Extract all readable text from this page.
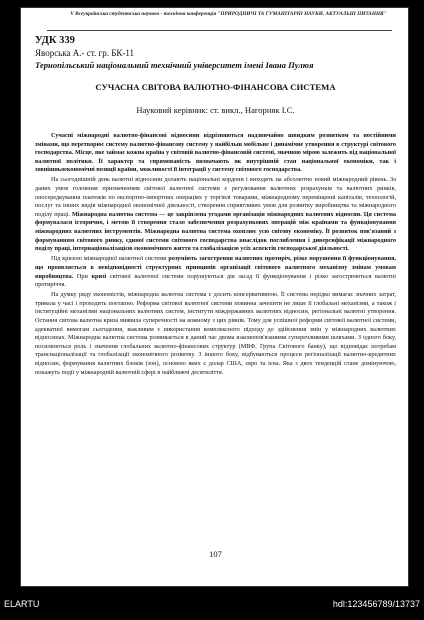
V Всеукраїнська студентська науково - технічна конференція "ПРИРОДНИЧІ ТА ГУМАНІТАРНІ НАУКИ. АКТУАЛЬНІ ПИТАННЯ"

УДК 339

Яворська А.- ст. гр. БК-11

Тернопільський національний технічний університет імені Івана Пулюя

СУЧАСНА СВІТОВА ВАЛЮТНО-ФІНАНСОВА СИСТЕМА

Науковий керівник: ст. викл., Нагорняк І.С.

Сучасні міжнародні валютно-фінансові відносини відрізняються надзвичайно швидким розвитком та постійними змінами, що перетворює систему валютно-фінансову систему у найбільш мобільне і динамічне утворення в структурі світового господарства. Місце, яке займає кожна країна у світовій валютно-фінансовій системі, значною мірою залежить від національної валютної політики. Її характер та спрямованість визначають як внутрішній стан національної економіки, так і зовнішньоекономічні позиції країни, можливості її інтеграції у систему світового господарства.

На сьогоднішній день валютні відносини долають національні кордони і виходять на абсолютно новий міжнародний рівень. За даних умов головним призначенням світової валютної системи є регулювання валютних розрахунків та валютних ринків, опосередкування платежів по експортно-імпортних операціях у торгівлі товарами, міжнародному переміщенні капіталів, технологій, послуг та інших видів міжнародної економічної діяльності, створення сприятливих умов для розвитку виробництва та міжнародного поділу праці. Міжнародна валютна система — це закріплена угодами організація міжнародних валютних відносин. Ця система формувалася історично, і метою її створення стало забезпечення розрахункових операцій між країнами та функціонування міжнародних валютних інструментів. Міжнародна валютна система охоплює усю світову економіку. Її розвиток пов'язаний з формуванням світового ринку, єдиної системи світового господарства внаслідок поглиблення і диверсифікації міжнародного поділу праці, інтернаціоналізацією економічного життя та глобалізацією усіх аспектів господарської діяльності.

Під кризою міжнародної валютної системи розуміють загострення валютних протиріч, різке порушення її функціонування, що проявляється в невідповідності структурних принципів організації світового валютного механізму змінам умовам виробництва. При кризі світової валютної системи порушуються дія засад її функціонування і різко загострюються валютні протиріччя.

На думку ряду економістів, міжнародна валютна система є досить консервативною. Її система нерідко вимагає значних затрат, тривала у часі і проходить поетапно. Реформа світової валютної системи повинна зачепити не лише її глобальні механізми, а також і інституційні механізми національних валютних систем, інститути міждержавних валютних відносин, регіональні валютні утворення. Остання світова валютна криза виявила суперечності на кожному з цих рівнів. Тому для успішної реформи світової валютної системи, адекватної вимогам сьогодення, важливим є використання комплексного підходу до здійснення змін у міжнародних валютних відносинах. Міжнародна валютна система розвивається в даний час двома взаємопов'язаними суперечливими шляхами. З одного боку, посилюються роль і значення глобальних валютно-фінансових структур (МВФ, Група Світового банку), що відповідає потребам транснаціоналізації та глобалізації економічного розвитку. З іншого боку, відбуваються процеси регіоналізації валютно-кредитних відносин, формування валютних блоків (зон), основою яких є долар США, євро та ієна. Яка з двох тенденцій стане домінуючою, покажуть події у міжнародній валютній сфері в найближчі десятиліття.

107

ELARTU	hdl:123456789/13737
